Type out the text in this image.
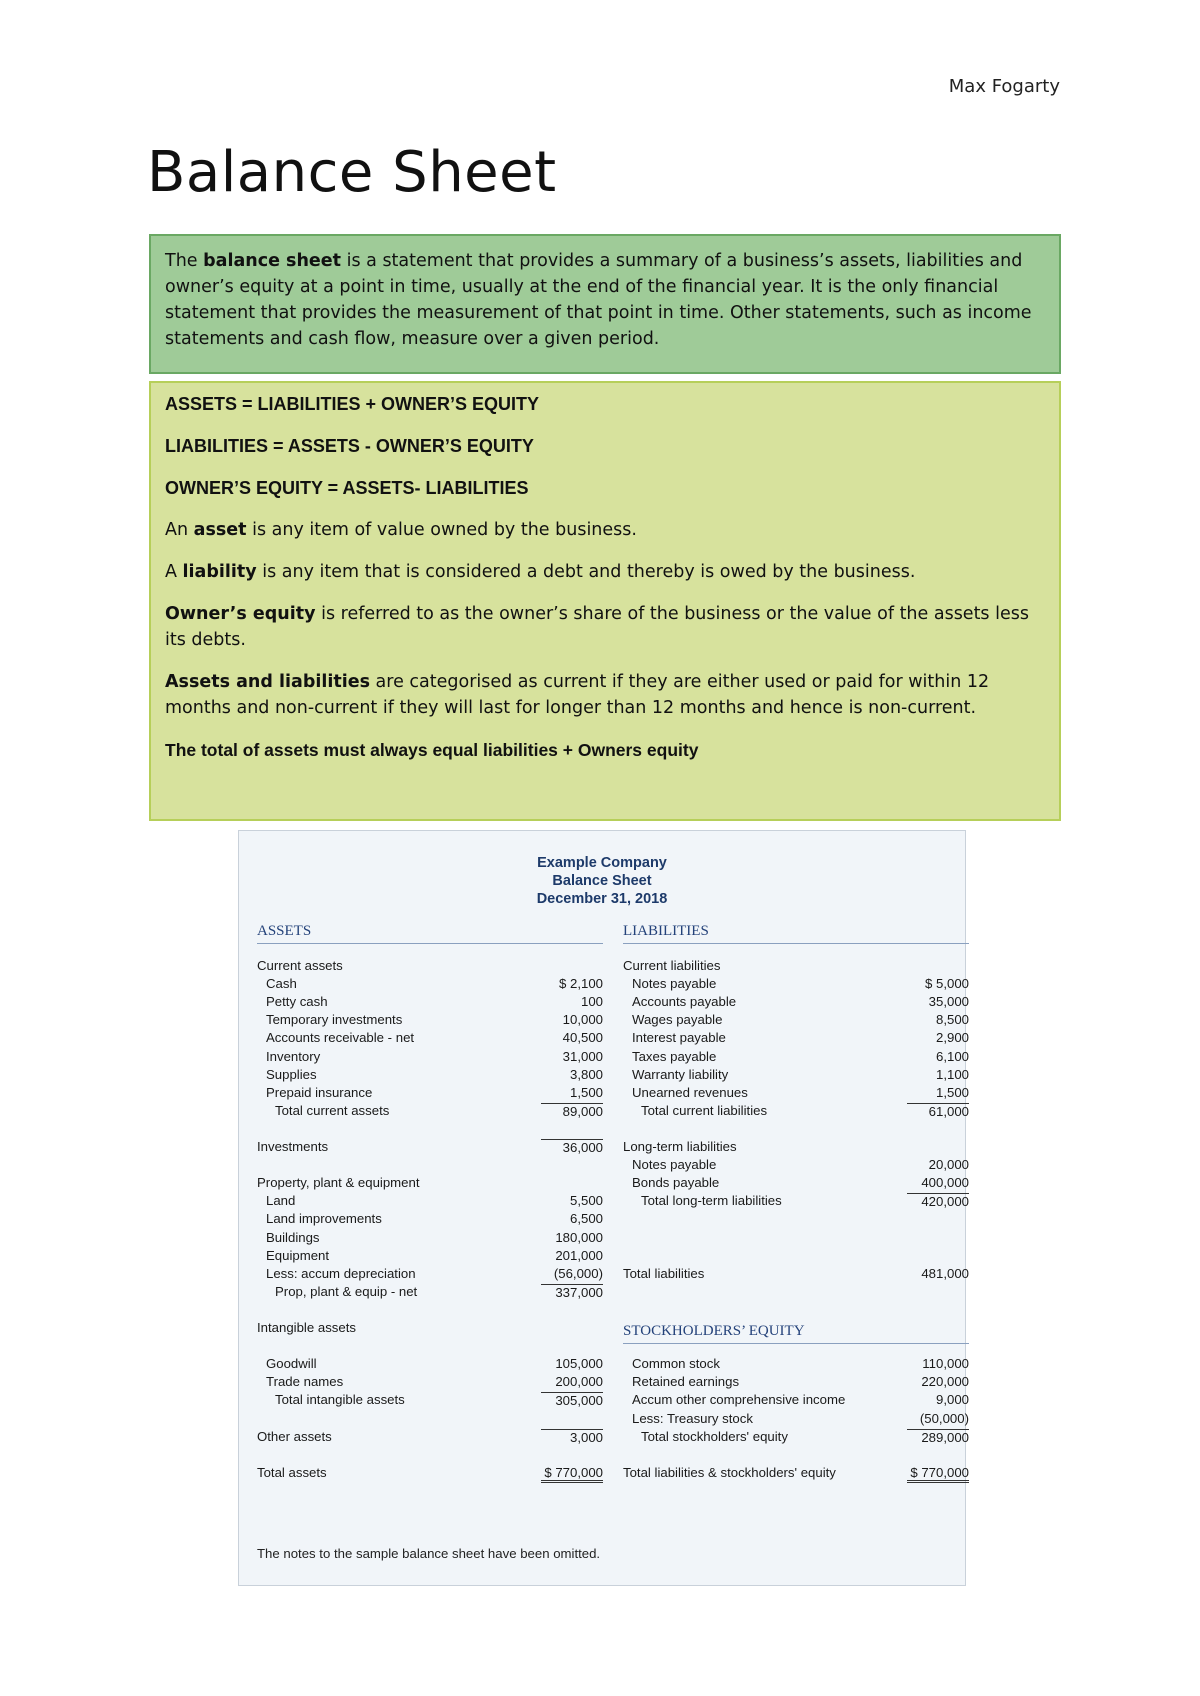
Max Fogarty
Balance Sheet
The balance sheet is a statement that provides a summary of a business’s assets, liabilities and owner’s equity at a point in time, usually at the end of the financial year. It is the only financial statement that provides the measurement of that point in time. Other statements, such as income statements and cash flow, measure over a given period.
ASSETS = LIABILITIES + OWNER’S EQUITY
LIABILITIES = ASSETS - OWNER’S EQUITY
OWNER’S EQUITY = ASSETS- LIABILITIES

An asset is any item of value owned by the business.

A liability is any item that is considered a debt and thereby is owed by the business.

Owner’s equity is referred to as the owner’s share of the business or the value of the assets less its debts.

Assets and liabilities are categorised as current if they are either used or paid for within 12 months and non-current if they will last for longer than 12 months and hence is non-current.

The total of assets must always equal liabilities + Owners equity
Example Company
Balance Sheet
December 31, 2018
ASSETS
Current assets
Cash	$ 2,100
Petty cash	100
Temporary investments	10,000
Accounts receivable - net	40,500
Inventory	31,000
Supplies	3,800
Prepaid insurance	1,500
Total current assets	89,000
Investments	36,000
Property, plant & equipment
Land	5,500
Land improvements	6,500
Buildings	180,000
Equipment	201,000
Less: accum depreciation	(56,000)
Prop, plant & equip - net	337,000
Intangible assets
Goodwill	105,000
Trade names	200,000
Total intangible assets	305,000
Other assets	3,000
Total assets	$ 770,000
LIABILITIES
Current liabilities
Notes payable	$ 5,000
Accounts payable	35,000
Wages payable	8,500
Interest payable	2,900
Taxes payable	6,100
Warranty liability	1,100
Unearned revenues	1,500
Total current liabilities	61,000
Long-term liabilities
Notes payable	20,000
Bonds payable	400,000
Total long-term liabilities	420,000
Total liabilities	481,000
Common stock	110,000
Retained earnings	220,000
Accum other comprehensive income	9,000
Less: Treasury stock	(50,000)
Total stockholders' equity	289,000
Total liabilities & stockholders' equity	$ 770,000
STOCKHOLDERS’ EQUITY
The notes to the sample balance sheet have been omitted.
